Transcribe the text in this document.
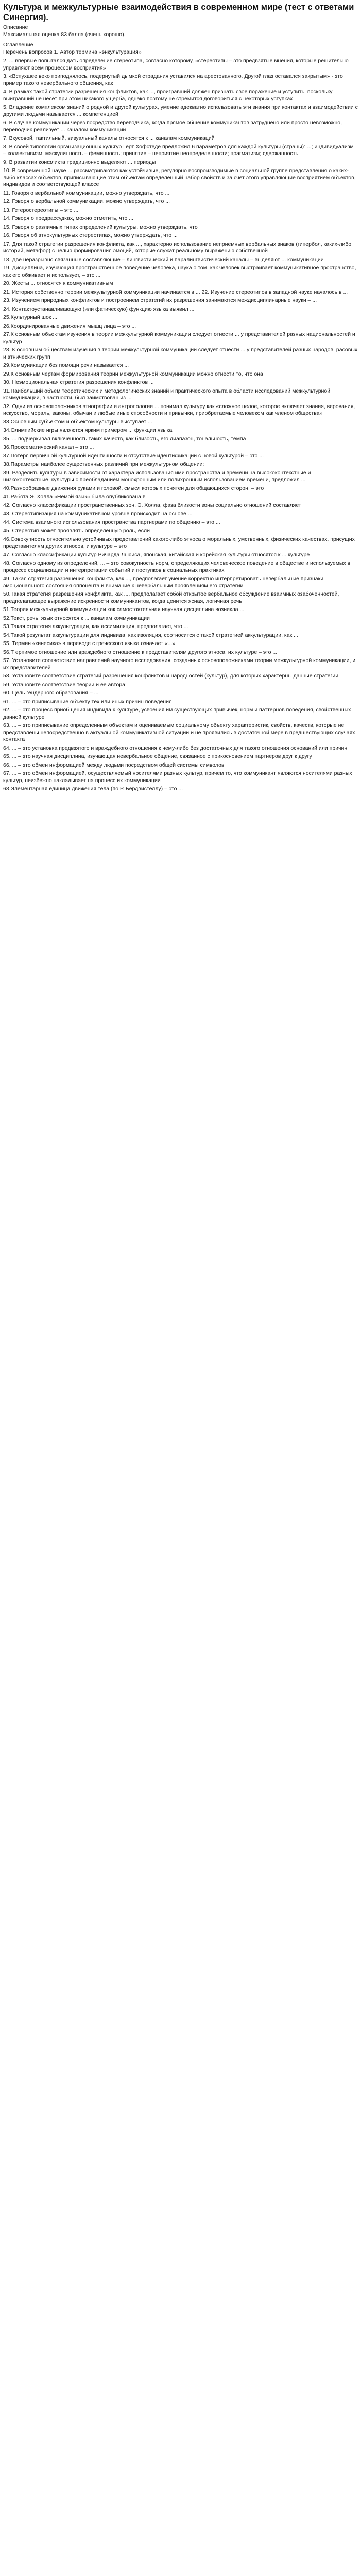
Культура и межкультурные взаимодействия в современном мире (тест с ответами Синергия).

Описание

Максимальная оценка 83 балла (очень хорошо).

Оглавление

Перечень вопросов 1. Автор термина «энкультурация»

2. ... впервые попытался дать определение стереотипа, согласно которому, «стереотипы – это предвзятые мнения, которые решительно управляют всем процессом восприятия»

3. «Вспухшее веко приподнялось, подернутый дымкой страдания уставился на арестованного. Другой глаз оставался закрытым» - это пример такого невербального общения, как

4. В рамках такой стратегии разрешения конфликтов, как ..., проигравший должен признать свое поражение и уступить, поскольку выигравший не несет при этом никакого ущерба, однако поэтому не стремится договориться с некоторых уступках

5. Владение комплексом знаний о родной и другой культурах, умение адекватно использовать эти знания при контактах и взаимодействии с другими людьми называется ... компетенцией

6. В случае коммуникации через посредство переводчика, когда прямое общение коммуникантов затруднено или просто невозможно, переводчик реализует ... каналом коммуникации

7. Вкусовой, тактильный, визуальный каналы относятся к ... каналам коммуникаций

8. В своей типологии организационных культур Герт Хофстеде предложил 6 параметров для каждой культуры (страны): ...; индивидуализм – коллективизм; маскулинность – феминность; принятие – неприятие неопределенности; прагматизм; сдержанность

9. В развитии конфликта традиционно выделяют ... периоды

10. В современной науке ... рассматриваются как устойчивые, регулярно воспроизводимые в социальной группе представления о каких-либо классах объектов, приписывающие этим объектам определенный набор свойств и за счет этого управляющие восприятием объектов, индивидов и соответствующей классе

11. Говоря о вербальной коммуникации, можно утверждать, что ...

12. Говоря о вербальной коммуникации, можно утверждать, что ...

13. Гетеростереотипы – это ...

14. Говоря о предрассудках, можно отметить, что ...

15. Говоря о различных типах определений культуры, можно утверждать, что

16. Говоря об этнокультурных стереотипах, можно утверждать, что ...

17. Для такой стратегии разрешения конфликта, как ..., характерно использование неприемных вербальных знаков (гипербол, каких-либо историй, метафор) с целью формирования эмоций, которые служат реальному выражению собственной

18. Две неразрывно связанные составляющие – лингвистический и паралингвистический каналы – выделяют ... коммуникации

19. Дисциплина, изучающая пространственное поведение человека, наука о том, как человек выстраивает коммуникативное пространство, как его обживает и использует, – это ...

20. Жесты ... относятся к коммуникативным

21. История собственно теории межкультурной коммуникации начинается в ... 22. Изучение стереотипов в западной науке началось в ...

23. Изучением природных конфликтов и построением стратегий их разрешения занимаются междисциплинарные науки – ...

24. Контактоустанавливающую (или фатическую) функцию языка выявил ...

25.Культурный шок ...

26.Координированные движения мышц лица – это ...

27.К основным объектам изучения в теории межкультурной коммуникации следует отнести ... у представителей разных национальностей и культур

28. К основным обществам изучения в теории межкультурной коммуникации следует отнести ... у представителей разных народов, расовых и этнических групп

29.Коммуникации без помощи речи называется ...

29.К основным чертам формирования теории межкультурной коммуникации можно отнести то, что она

30. Неэмоциональная стратегия разрешения конфликтов ...

31.Наибольший объем теоретических и методологических знаний и практического опыта в области исследований межкультурной коммуникации, в частности, был заимствован из ...

32. Одни из основоположников этнографии и антропологии ... понимал культуру как «сложное целое, которое включает знания, верования, искусство, мораль, законы, обычаи и любые иные способности и привычки, приобретаемые человеком как членом общества»

33.Основным субъектом и объектом культуры выступает ...

34.Олимпийские игры являются ярким примером ... функции языка

35. ... подчеркивал включенность таких качеств, как близость, его диапазон, тональность, темпа

36.Проксематический канал – это ...

37.Потеря первичной культурной идентичности и отсутствие идентификации с новой культурой – это ...

38.Параметры наиболее существенных различий при межкультурном общении:

39. Разделить культуры в зависимости от характера использования ими пространства и времени на высококонтекстные и низкоконтекстные, культуры с преобладанием монохронным или полихронным использованием времени, предложил ...

40.Разнообразные движения руками и головой, смысл которых понятен для общающихся сторон, – это

41.Работа Э. Холла «Немой язык» была опубликована в

42. Согласно классификации пространственных зон, Э. Холла, фаза близости зоны социально отношений составляет

43. Стереотипизация на коммуникативном уровне происходит на основе ...

44. Система взаимного использования пространства партнерами по общению – это ...

45. Стереотип может проявлять определенную роль, если

46.Совокупность относительно устойчивых представлений какого-либо этноса о моральных, умственных, физических качествах, присущих представителям других этносов, и культуре – это

47. Согласно классификации культур Ричарда Льюиса, японская, китайская и корейская культуры относятся к ... культуре

48. Согласно одному из определений, ... – это совокупность норм, определяющих человеческое поведение в обществе и используемых в процессе социализации и интерпретации событий и поступков в социальных практиках

49. Такая стратегия разрешения конфликта, как ..., предполагает умение корректно интерпретировать невербальные признаки эмоционального состояния оппонента и внимание к невербальным проявлениям его стратегии

50.Такая стратегия разрешения конфликта, как ..., предполагает собой открытое вербальное обсуждение взаимных озабоченностей, предполагающее выражение искренности коммуникантов, когда ценится ясная, логичная речь

51.Теория межкультурной коммуникации как самостоятельная научная дисциплина возникла ...

52.Текст, речь, язык относятся к ... каналам коммуникации

53.Такая стратегия аккультурации, как ассимиляция, предполагает, что ...

54.Такой результат аккультурации для индивида, как изоляция, соотносится с такой стратегией аккультурации, как ...

55. Термин «кинесика» в переводе с греческого языка означает «...»

56.Т ерпимое отношение или враждебного отношение к представителям другого этноса, их культуре – это ...

57. Установите соответствие направлений научного исследования, созданных основоположниками теории межкультурной коммуникации, и их представителей

58. Установите соответствие стратегий разрешения конфликтов и народностей (культур), для которых характерны данные стратегии

59. Установите соответствие теории и ее автора:

60. Цель гендерного образования – ...

61. ... – это приписывание объекту тех или иных причин поведения

62. ... – это процесс приобщения индивида к культуре, усвоения им существующих привычек, норм и паттернов поведения, свойственных данной культуре

63. ... – это приписывание определенным объектам и оцениваемым социальному объекту характеристик, свойств, качеств, которые не представлены непосредственно в актуальной коммуникативной ситуации и не проявились в достаточной мере в предшествующих случаях контакта

64. ... – это установка предвзятого и враждебного отношения к чему-либо без достаточных для такого отношения оснований или причин

65. ... – это научная дисциплина, изучающая невербальное общение, связанное с прикосновением партнеров друг к другу

66. ... – это обмен информацией между людьми посредством общей системы символов

67. ... – это обмен информацией, осуществляемый носителями разных культур, причем то, что коммуникант являются носителями разных культур, неизбежно накладывает на процесс их коммуникации

68.Элементарная единица движения тела (по Р. Бердвистеллу) – это ...
